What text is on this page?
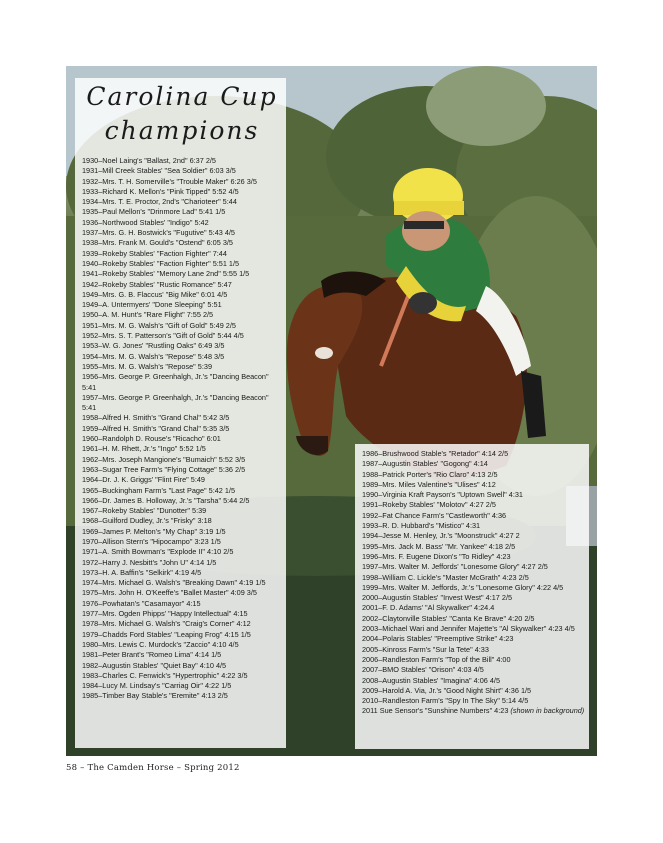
Carolina Cup
champions
1930–Noel Laing's "Ballast, 2nd" 6:37 2/5
1931–Mill Creek Stables' "Sea Soldier" 6:03 3/5
1932–Mrs. T. H. Somerville's "Trouble Maker" 6:26 3/5
1933–Richard K. Mellon's "Pink Tipped" 5:52 4/5
1934–Mrs. T. E. Proctor, 2nd's "Charioteer" 5:44
1935–Paul Mellon's "Drinmore Lad" 5:41 1/5
1936–Northwood Stables' "Indigo" 5:42
1937–Mrs. G. H. Bostwick's "Fugutive" 5:43 4/5
1938–Mrs. Frank M. Gould's "Ostend" 6:05 3/5
1939–Rokeby Stables' "Faction Fighter" 7:44
1940–Rokeby Stables' "Faction Fighter" 5:51 1/5
1941–Rokeby Stables' "Memory Lane 2nd" 5:55 1/5
1942–Rokeby Stables' "Rustic Romance" 5:47
1949–Mrs. G. B. Flaccus' "Big Mike" 6:01 4/5
1949–A. Untermyers' "Done Sleeping" 5:51
1950–A. M. Hunt's "Rare Flight" 7:55 2/5
1951–Mrs. M. G. Walsh's "Gift of Gold" 5:49 2/5
1952–Mrs. S. T. Patterson's "Gift of Gold" 5:44 4/5
1953–W. G. Jones' "Rustling Oaks" 6:49 3/5
1954–Mrs. M. G. Walsh's "Repose" 5:48 3/5
1955–Mrs. M. G. Walsh's "Repose" 5:39
1956–Mrs. George P. Greenhalgh, Jr.'s "Dancing Beacon" 5:41
1957–Mrs. George P. Greenhalgh, Jr.'s "Dancing Beacon" 5:41
1958–Alfred H. Smith's "Grand Chal" 5:42 3/5
1959–Alfred H. Smith's "Grand Chal" 5:35 3/5
1960–Randolph D. Rouse's "Ricacho" 6:01
1961–H. M. Rhett, Jr.'s "Ingo" 5:52 1/5
1962–Mrs. Joseph Mangione's "Bumaich" 5:52 3/5
1963–Sugar Tree Farm's "Flying Cottage" 5:36 2/5
1964–Dr. J. K. Griggs' "Flint Fire" 5:49
1965–Buckingham Farm's "Last Page" 5:42 1/5
1966–Dr. James B. Holloway, Jr.'s "Tarsha" 5:44 2/5
1967–Rokeby Stables' "Dunotter" 5:39
1968–Guilford Dudley, Jr.'s "Frisky" 3:18
1969–James P. Melton's "My Chap" 3:19 1/5
1970–Allison Stern's "Hipocampo" 3:23 1/5
1971–A. Smith Bowman's "Explode II" 4:10 2/5
1972–Harry J. Nesbitt's "John U" 4:14 1/5
1973–H. A. Baffin's "Selkirk" 4:19 4/5
1974–Mrs. Michael G. Walsh's "Breaking Dawn" 4:19 1/5
1975–Mrs. John H. O'Keeffe's "Ballet Master" 4:09 3/5
1976–Powhatan's "Casamayor" 4:15
1977–Mrs. Ogden Phipps' "Happy Intellectual" 4:15
1978–Mrs. Michael G. Walsh's "Craig's Corner" 4:12
1979–Chadds Ford Stables' "Leaping Frog" 4:15 1/5
1980–Mrs. Lewis C. Murdock's "Zaccio" 4:10 4/5
1981–Peter Brant's "Romeo Lima" 4:14 1/5
1982–Augustin Stables' "Quiet Bay" 4:10 4/5
1983–Charles C. Fenwick's "Hypertrophic" 4:22 3/5
1984–Lucy M. Lindsay's "Carriag Oir" 4:22 1/5
1985–Timber Bay Stable's "Eremite" 4:13 2/5
1986–Brushwood Stable's "Retador" 4:14 2/5
1987–Augustin Stables' "Gogong" 4:14
1988–Patrick Porter's "Rio Claro" 4:13 2/5
1989–Mrs. Miles Valentine's "Ulises" 4:12
1990–Virginia Kraft Payson's "Uptown Swell" 4:31
1991–Rokeby Stables' "Molotov" 4:27 2/5
1992–Fat Chance Farm's "Castleworth" 4:36
1993–R. D. Hubbard's "Mistico" 4:31
1994–Jesse M. Henley, Jr.'s "Moonstruck" 4:27 2
1995–Mrs. Jack M. Bass' "Mr. Yankee" 4:18 2/5
1996–Mrs. F. Eugene Dixon's "To Ridley" 4:23
1997–Mrs. Walter M. Jeffords' "Lonesome Glory" 4:27 2/5
1998–William C. Lickle's "Master McGrath" 4:23 2/5
1999–Mrs. Walter M. Jeffords, Jr.'s "Lonesome Glory" 4:22 4/5
2000–Augustin Stables' "Invest West" 4:17 2/5
2001–F. D. Adams' "Al Skywalker" 4:24.4
2002–Claytonville Stables' "Canta Ke Brave" 4:20 2/5
2003–Michael Wari and Jennifer Majette's "Al Skywalker" 4:23 4/5
2004–Polaris Stables' "Preemptive Strike" 4:23
2005–Kinross Farm's "Sur la Tete" 4:33
2006–Randleston Farm's "Top of the Bill" 4:00
2007–BMO Stables' "Orison" 4:03 4/5
2008–Augustin Stables' "Imagina" 4:06 4/5
2009–Harold A. Via, Jr.'s "Good Night Shirt" 4:36 1/5
2010–Randleston Farm's "Spy In The Sky" 5:14 4/5
2011 Sue Sensor's "Sunshine Numbers" 4:23 (shown in background)
58 – The Camden Horse – Spring 2012
